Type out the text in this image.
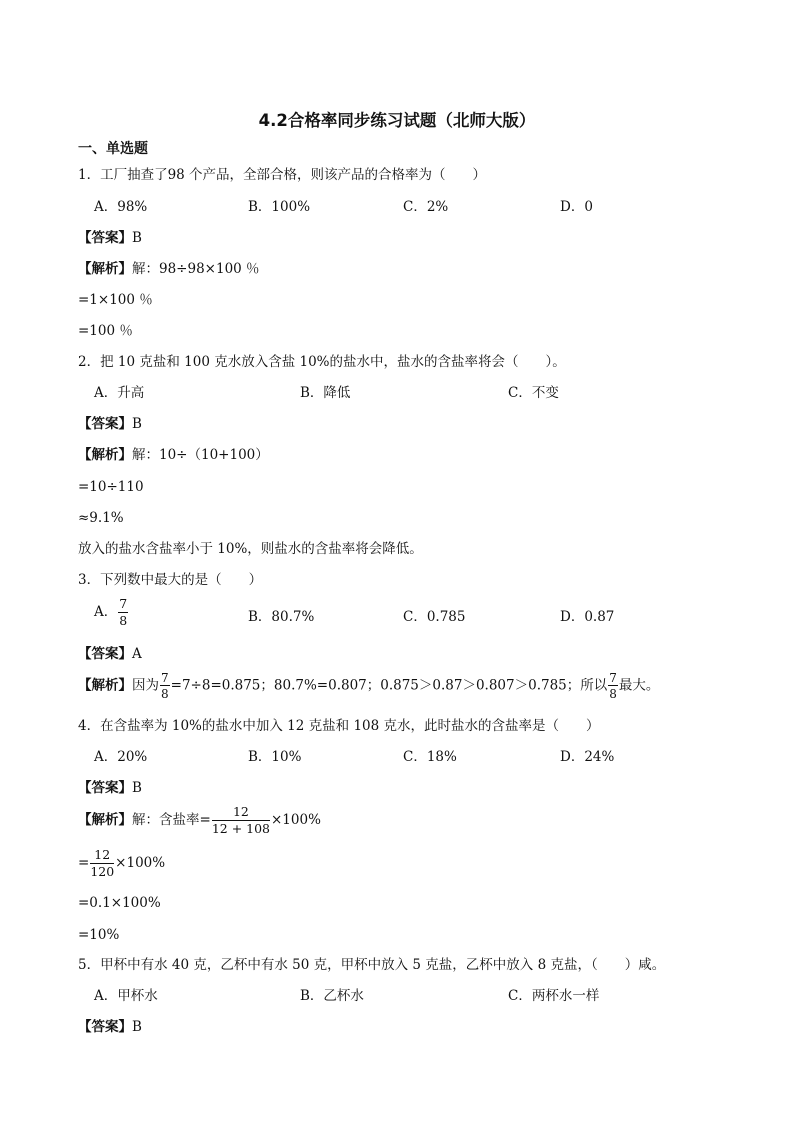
4.2合格率同步练习试题（北师大版）
一、单选题
1．工厂抽查了98 个产品，全部合格，则该产品的合格率为（　　）
A．98%	B．100%	C．2%	D．0
【答案】B
【解析】解：98÷98×100 ％
=1×100 ％
=100 ％
2．把 10 克盐和 100 克水放入含盐 10%的盐水中，盐水的含盐率将会（　　）。
A．升高	B．降低	C．不变
【答案】B
【解析】解：10÷（10+100）
=10÷110
≈9.1%
放入的盐水含盐率小于 10%，则盐水的含盐率将会降低。
3．下列数中最大的是（　　）
A． $\frac{7}{8}$	B．80.7%	C．0.785	D．0.87
【答案】A
【解析】因为 $\frac{7}{8} =7\div 8=0.875$；80.7%=0.807；0.875＞0.87＞0.807＞0.785；所以 $\frac{7}{8}$ 最大。
4．在含盐率为 10%的盐水中加入 12 克盐和 108 克水，此时盐水的含盐率是（　　）
A．20%	B．10%	C．18%	D．24%
【答案】B
【解析】解：含盐率= $\frac{12}{12 + 108} \times 100\%$
= $\frac{12}{120} \times 100\%$
=0.1×100%
=10%
5．甲杯中有水 40 克，乙杯中有水 50 克，甲杯中放入 5 克盐，乙杯中放入 8 克盐，（　　）咸。
A．甲杯水	B．乙杯水	C．两杯水一样
【答案】B
